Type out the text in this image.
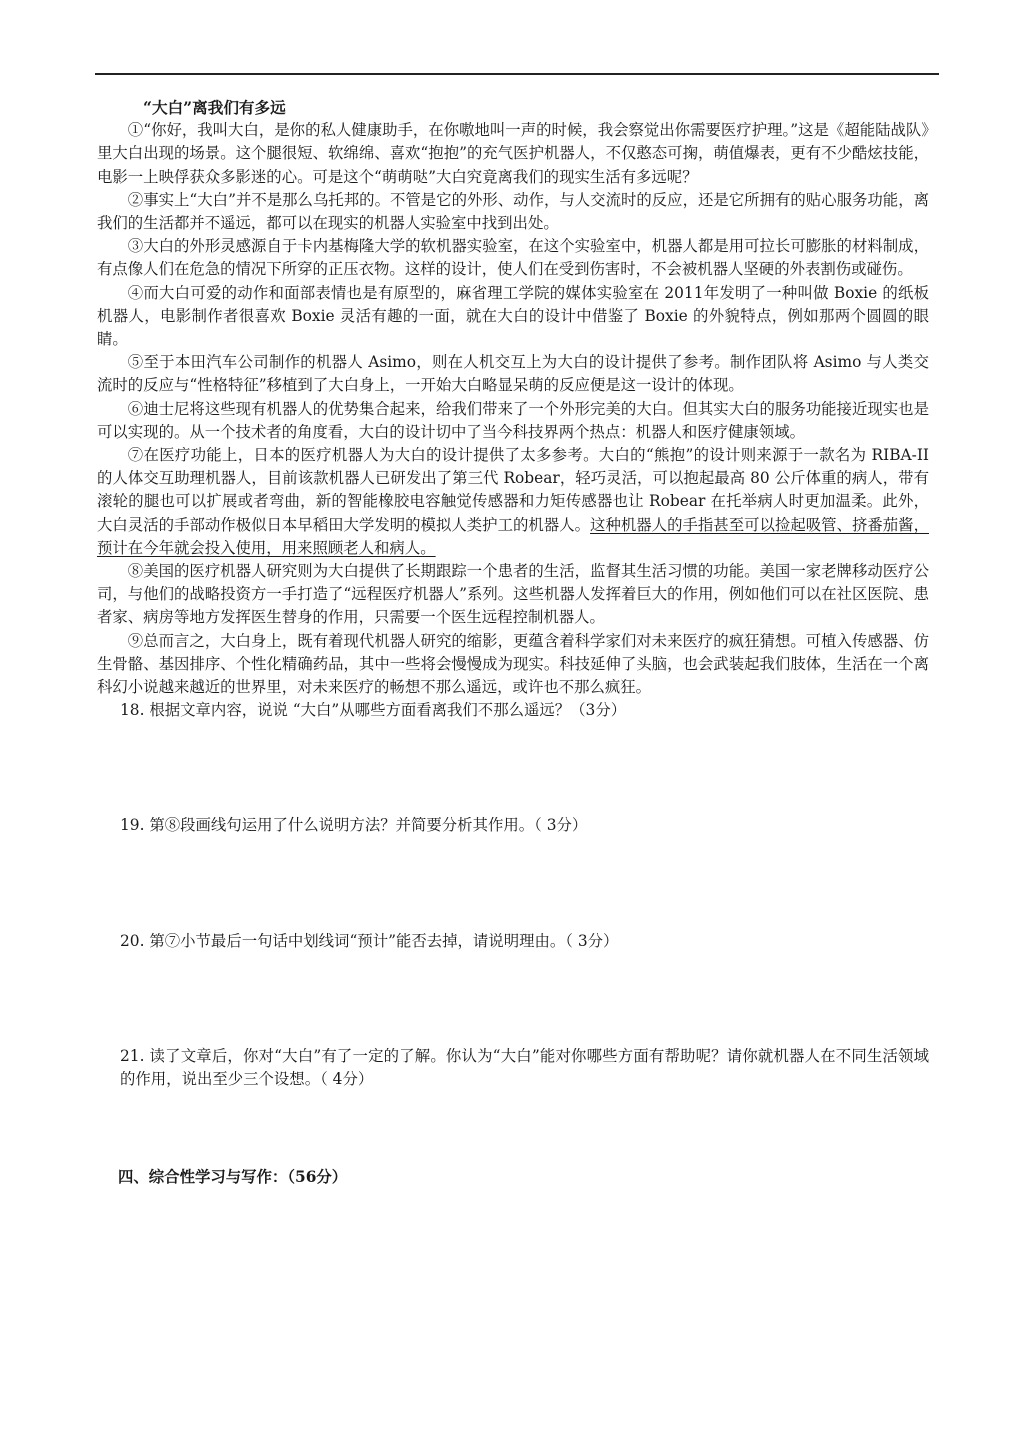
“大白”离我们有多远

①“你好，我叫大白，是你的私人健康助手，在你嗷地叫一声的时候，我会察觉出你需要医疗护理。”这是《超能陆战队》里大白出现的场景。这个腿很短、软绵绵、喜欢“抱抱”的充气医护机器人，不仅憨态可掬，萌值爆表，更有不少酷炫技能，电影一上映俘获众多影迷的心。可是这个“萌萌哒”大白究竟离我们的现实生活有多远呢？

②事实上“大白”并不是那么乌托邦的。不管是它的外形、动作，与人交流时的反应，还是它所拥有的贴心服务功能，离我们的生活都并不遥远，都可以在现实的机器人实验室中找到出处。

③大白的外形灵感源自于卡内基梅隆大学的软机器实验室，在这个实验室中，机器人都是用可拉长可膨胀的材料制成，有点像人们在危急的情况下所穿的正压衣物。这样的设计，使人们在受到伤害时，不会被机器人坚硬的外表割伤或碰伤。

④而大白可爱的动作和面部表情也是有原型的，麻省理工学院的媒体实验室在 2011年发明了一种叫做 Boxie 的纸板机器人，电影制作者很喜欢 Boxie 灵活有趣的一面，就在大白的设计中借鉴了 Boxie 的外貌特点，例如那两个圆圆的眼睛。

⑤至于本田汽车公司制作的机器人 Asimo，则在人机交互上为大白的设计提供了参考。制作团队将 Asimo 与人类交流时的反应与“性格特征”移植到了大白身上，一开始大白略显呆萌的反应便是这一设计的体现。

⑥迪士尼将这些现有机器人的优势集合起来，给我们带来了一个外形完美的大白。但其实大白的服务功能接近现实也是可以实现的。从一个技术者的角度看，大白的设计切中了当今科技界两个热点：机器人和医疗健康领域。

⑦在医疗功能上，日本的医疗机器人为大白的设计提供了太多参考。大白的“熊抱”的设计则来源于一款名为 RIBA-II 的人体交互助理机器人，目前该款机器人已研发出了第三代 Robear，轻巧灵活，可以抱起最高 80 公斤体重的病人，带有滚轮的腿也可以扩展或者弯曲，新的智能橡胶电容触觉传感器和力矩传感器也让 Robear 在托举病人时更加温柔。此外，大白灵活的手部动作极似日本早稻田大学发明的模拟人类护工的机器人。这种机器人的手指甚至可以捡起吸管、挤番茄酱，预计在今年就会投入使用，用来照顾老人和病人。

⑧美国的医疗机器人研究则为大白提供了长期跟踪一个患者的生活，监督其生活习惯的功能。美国一家老牌移动医疗公司，与他们的战略投资方一手打造了“远程医疗机器人”系列。这些机器人发挥着巨大的作用，例如他们可以在社区医院、患者家、病房等地方发挥医生替身的作用，只需要一个医生远程控制机器人。

⑨总而言之，大白身上，既有着现代机器人研究的缩影，更蕴含着科学家们对未来医疗的疯狂猜想。可植入传感器、仿生骨骼、基因排序、个性化精确药品，其中一些将会慢慢成为现实。科技延伸了头脑，也会武装起我们肢体，生活在一个离科幻小说越来越近的世界里，对未来医疗的畅想不那么遥远，或许也不那么疯狂。

18. 根据文章内容，说说 “大白”从哪些方面看离我们不那么遥远？（3分）

19. 第⑧段画线句运用了什么说明方法？并简要分析其作用。（ 3分）

20. 第⑦小节最后一句话中划线词“预计”能否去掉，请说明理由。（ 3分）

21. 读了文章后，你对“大白”有了一定的了解。你认为“大白”能对你哪些方面有帮助呢？请你就机器人在不同生活领域的作用，说出至少三个设想。（ 4分）

四、综合性学习与写作：（56分）
